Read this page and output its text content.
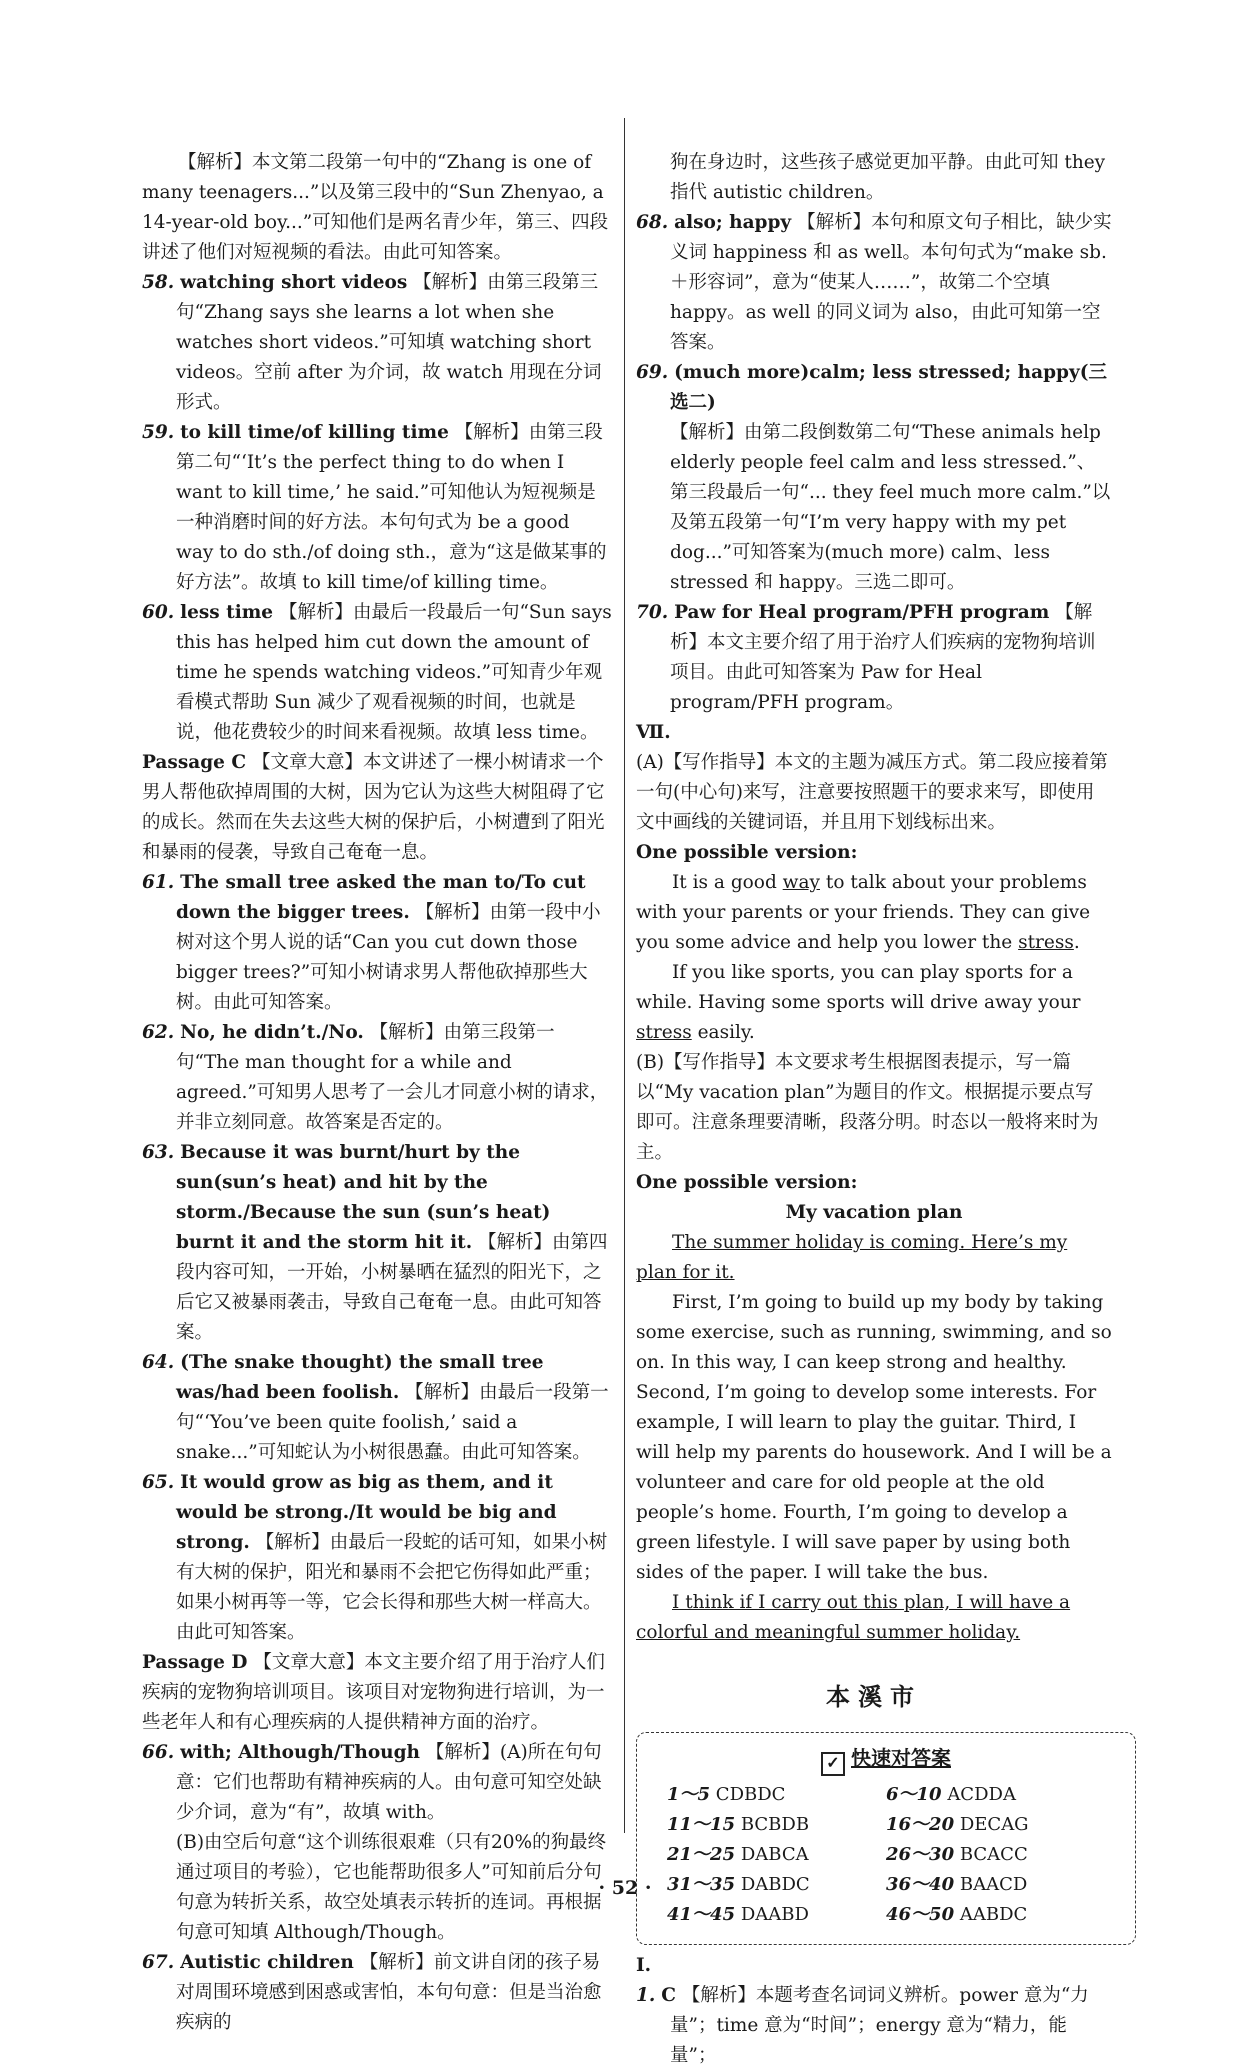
【解析】本文第二段第一句中的“Zhang is one of many teenagers...”以及第三段中的“Sun Zhenyao, a 14-year-old boy...”可知他们是两名青少年，第三、四段讲述了他们对短视频的看法。由此可知答案。

58. watching short videos 【解析】由第三段第三句“Zhang says she learns a lot when she watches short videos.”可知填 watching short videos。空前 after 为介词，故 watch 用现在分词形式。

59. to kill time/of killing time 【解析】由第三段第二句“‘It’s the perfect thing to do when I want to kill time,’ he said.”可知他认为短视频是一种消磨时间的好方法。本句句式为 be a good way to do sth./of doing sth.，意为“这是做某事的好方法”。故填 to kill time/of killing time。

60. less time 【解析】由最后一段最后一句“Sun says this has helped him cut down the amount of time he spends watching videos.”可知青少年观看模式帮助 Sun 减少了观看视频的时间，也就是说，他花费较少的时间来看视频。故填 less time。

Passage C 【文章大意】本文讲述了一棵小树请求一个男人帮他砍掉周围的大树，因为它认为这些大树阻碍了它的成长。然而在失去这些大树的保护后，小树遭到了阳光和暴雨的侵袭，导致自己奄奄一息。

61. The small tree asked the man to/To cut down the bigger trees. 【解析】由第一段中小树对这个男人说的话“Can you cut down those bigger trees?”可知小树请求男人帮他砍掉那些大树。由此可知答案。

62. No, he didn’t./No. 【解析】由第三段第一句“The man thought for a while and agreed.”可知男人思考了一会儿才同意小树的请求，并非立刻同意。故答案是否定的。

63. Because it was burnt/hurt by the sun(sun’s heat) and hit by the storm./Because the sun (sun’s heat) burnt it and the storm hit it. 【解析】由第四段内容可知，一开始，小树暴晒在猛烈的阳光下，之后它又被暴雨袭击，导致自己奄奄一息。由此可知答案。

64. (The snake thought) the small tree was/had been foolish. 【解析】由最后一段第一句“‘You’ve been quite foolish,’ said a snake...”可知蛇认为小树很愚蠢。由此可知答案。

65. It would grow as big as them, and it would be strong./It would be big and strong. 【解析】由最后一段蛇的话可知，如果小树有大树的保护，阳光和暴雨不会把它伤得如此严重；如果小树再等一等，它会长得和那些大树一样高大。由此可知答案。

Passage D 【文章大意】本文主要介绍了用于治疗人们疾病的宠物狗培训项目。该项目对宠物狗进行培训，为一些老年人和有心理疾病的人提供精神方面的治疗。

66. with; Although/Though 【解析】(A)所在句句意：它们也帮助有精神疾病的人。由句意可知空处缺少介词，意为“有”，故填 with。

(B)由空后句意“这个训练很艰难（只有20%的狗最终通过项目的考验），它也能帮助很多人”可知前后分句句意为转折关系，故空处填表示转折的连词。再根据句意可知填 Although/Though。

67. Autistic children 【解析】前文讲自闭的孩子易对周围环境感到困惑或害怕，本句句意：但是当治愈疾病的

狗在身边时，这些孩子感觉更加平静。由此可知 they 指代 autistic children。

68. also; happy 【解析】本句和原文句子相比，缺少实义词 happiness 和 as well。本句句式为“make sb.＋形容词”，意为“使某人……”，故第二个空填 happy。as well 的同义词为 also，由此可知第一空答案。

69. (much more)calm; less stressed; happy(三选二)

【解析】由第二段倒数第二句“These animals help elderly people feel calm and less stressed.”、第三段最后一句“... they feel much more calm.”以及第五段第一句“I’m very happy with my pet dog...”可知答案为(much more) calm、less stressed 和 happy。三选二即可。

70. Paw for Heal program/PFH program 【解析】本文主要介绍了用于治疗人们疾病的宠物狗培训项目。由此可知答案为 Paw for Heal program/PFH program。

Ⅶ.

(A)【写作指导】本文的主题为减压方式。第二段应接着第一句(中心句)来写，注意要按照题干的要求来写，即使用文中画线的关键词语，并且用下划线标出来。

One possible version:

It is a good way to talk about your problems with your parents or your friends. They can give you some advice and help you lower the stress.

If you like sports, you can play sports for a while. Having some sports will drive away your stress easily.

(B)【写作指导】本文要求考生根据图表提示，写一篇以“My vacation plan”为题目的作文。根据提示要点写即可。注意条理要清晰，段落分明。时态以一般将来时为主。

One possible version:

My vacation plan

The summer holiday is coming. Here’s my plan for it.

First, I’m going to build up my body by taking some exercise, such as running, swimming, and so on. In this way, I can keep strong and healthy. Second, I’m going to develop some interests. For example, I will learn to play the guitar. Third, I will help my parents do housework. And I will be a volunteer and care for old people at the old people’s home. Fourth, I’m going to develop a green lifestyle. I will save paper by using both sides of the paper. I will take the bus.

I think if I carry out this plan, I will have a colorful and meaningful summer holiday.

本溪市

✓ 快速对答案
1～5 CDBDC	6～10 ACDDA
11～15 BCBDB	16～20 DECAG
21～25 DABCA	26～30 BCACC
31～35 DABDC	36～40 BAACD
41～45 DAABD	46～50 AABDC

Ⅰ.

1. C 【解析】本题考查名词词义辨析。power 意为“力量”；time 意为“时间”；energy 意为“精力，能量”；

· 52 ·
